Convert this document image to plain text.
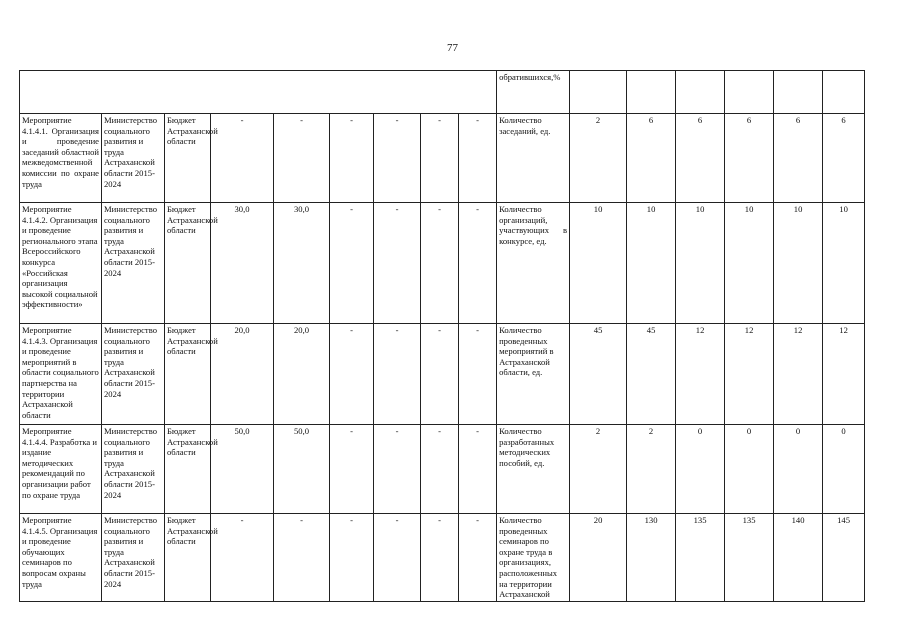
77
									обратившихся,%						
Мероприятие 4.1.4.1. Организация и проведение заседаний областной межведомственной комиссии по охране труда	Министерство социального развития и труда Астраханской области 2015-2024	Бюджет Астраханской области	-	-	-	-	-	-	Количество заседаний, ед.	2	6	6	6	6	6
Мероприятие 4.1.4.2. Организация и проведение регионального этапа Всероссийского конкурса «Российская организация высокой социальной эффективности»	Министерство социального развития и труда Астраханской области 2015-2024	Бюджет Астраханской области	30,0	30,0	-	-	-	-	Количество организаций, участвующих в конкурсе, ед.	10	10	10	10	10	10
Мероприятие 4.1.4.3. Организация и проведение мероприятий в области социального партнерства на территории Астраханской области	Министерство социального развития и труда Астраханской области 2015-2024	Бюджет Астраханской области	20,0	20,0	-	-	-	-	Количество проведенных мероприятий в Астраханской области, ед.	45	45	12	12	12	12
Мероприятие 4.1.4.4. Разработка и издание методических рекомендаций по организации работ по охране труда	Министерство социального развития и труда Астраханской области 2015- 2024	Бюджет Астраханской области	50,0	50,0	-	-	-	-	Количество разработанных методических пособий, ед.	2	2	0	0	0	0
Мероприятие 4.1.4.5. Организация и проведение обучающих семинаров по вопросам охраны труда	Министерство социального развития и труда Астраханской области 2015-2024	Бюджет Астраханской области	-	-	-	-	-	-	Количество проведенных семинаров по охране труда в организациях, расположенных на территории Астраханской	20	130	135	135	140	145
